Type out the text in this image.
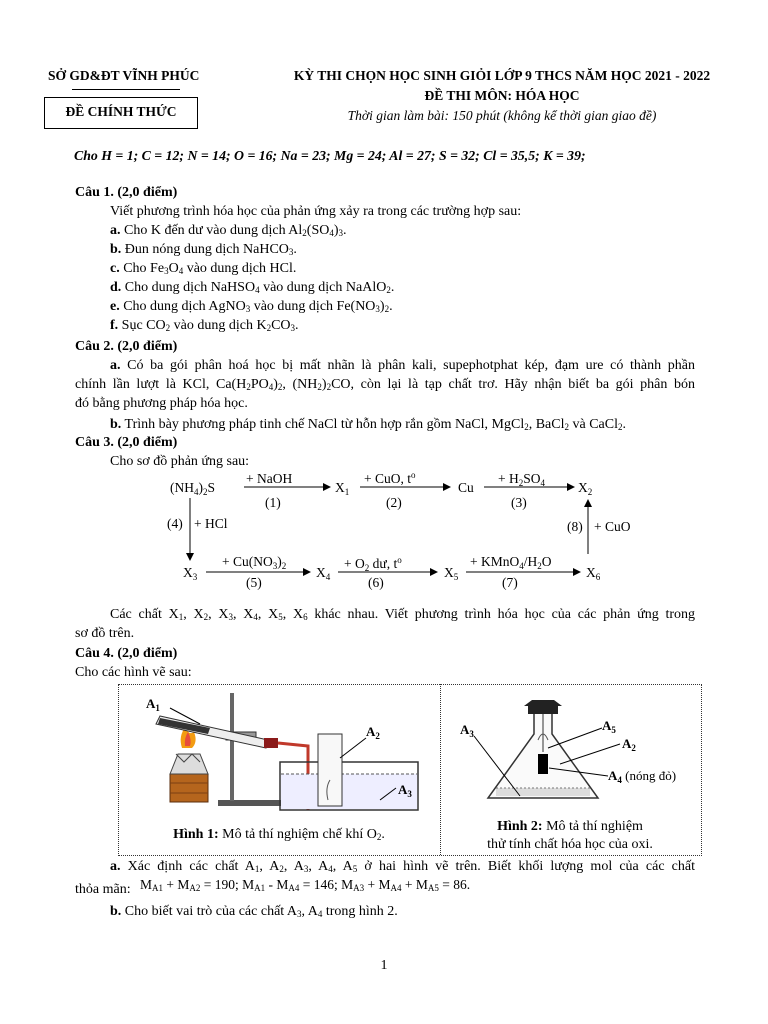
SỞ GD&ĐT VĨNH PHÚC
ĐỀ CHÍNH THỨC
KỲ THI CHỌN HỌC SINH GIỎI LỚP 9 THCS NĂM HỌC 2021 - 2022
ĐỀ THI MÔN: HÓA HỌC
Thời gian làm bài: 150 phút (không kể thời gian giao đề)
Cho H = 1; C = 12; N = 14; O = 16; Na = 23; Mg = 24; Al = 27; S = 32; Cl = 35,5; K = 39;
Câu 1. (2,0 điểm)
Viết phương trình hóa học của phản ứng xảy ra trong các trường hợp sau:
a. Cho K đến dư vào dung dịch $Al_2(SO_4)_3$.
b. Đun nóng dung dịch NaHCO$_3$.
c. Cho $Fe_3O_4$ vào dung dịch HCl.
d. Cho dung dịch NaHSO$_4$ vào dung dịch NaAlO$_2$.
e. Cho dung dịch AgNO$_3$ vào dung dịch $Fe(NO_3)_2$.
f. Sục $CO_2$ vào dung dịch $K_2CO_3$.
Câu 2. (2,0 điểm)
a. Có ba gói phân hoá học bị mất nhãn là phân kali, supephotphat kép, đạm ure có thành phần
chính lần lượt là KCl, $Ca(H_2PO_4)_2$, $(NH_2)_2CO$, còn lại là tạp chất trơ. Hãy nhận biết ba gói phân bón
đó bằng phương pháp hóa học.
b. Trình bày phương pháp tinh chế NaCl từ hỗn hợp rắn gồm NaCl, MgCl$_2$, BaCl$_2$ và CaCl$_2$.
Câu 3. (2,0 điểm)
Cho sơ đồ phản ứng sau:
$(NH_4)_2S$
+ NaOH
(1)
$X_1$
+ CuO, $t^o$
(2)
Cu
+ $H_2SO_4$
(3)
$X_2$
(4) + HCl	(8) + CuO
$X_3$
+ $Cu(NO_3)_2$
(5)
$X_4$
+ $O_2$ dư, $t^o$
(6)
$X_5$
+ $KMnO_4/H_2O$
(7)
$X_6$
Các chất $X_1$, $X_2$, $X_3$, $X_4$, $X_5$, $X_6$ khác nhau. Viết phương trình hóa học của các phản ứng trong
sơ đồ trên.
Câu 4. (2,0 điểm)
Cho các hình vẽ sau:
$A_1$
$A_2$
$A_3$
Hình 1: Mô tả thí nghiệm chế khí $O_2$.
$A_3$
$A_5$
$A_2$
$A_4$ (nóng đỏ)
Hình 2: Mô tả thí nghiệm
thử tính chất hóa học của oxi.
a. Xác định các chất $A_1$, $A_2$, $A_3$, $A_4$, $A_5$ ở hai hình vẽ trên. Biết khối lượng mol của các chất
thỏa mãn: $M_{A1} + M_{A2} = 190$; $M_{A1} - M_{A4} = 146$; $M_{A3} + M_{A4} + M_{A5} = 86$.
b. Cho biết vai trò của các chất $A_3$, $A_4$ trong hình 2.
1
